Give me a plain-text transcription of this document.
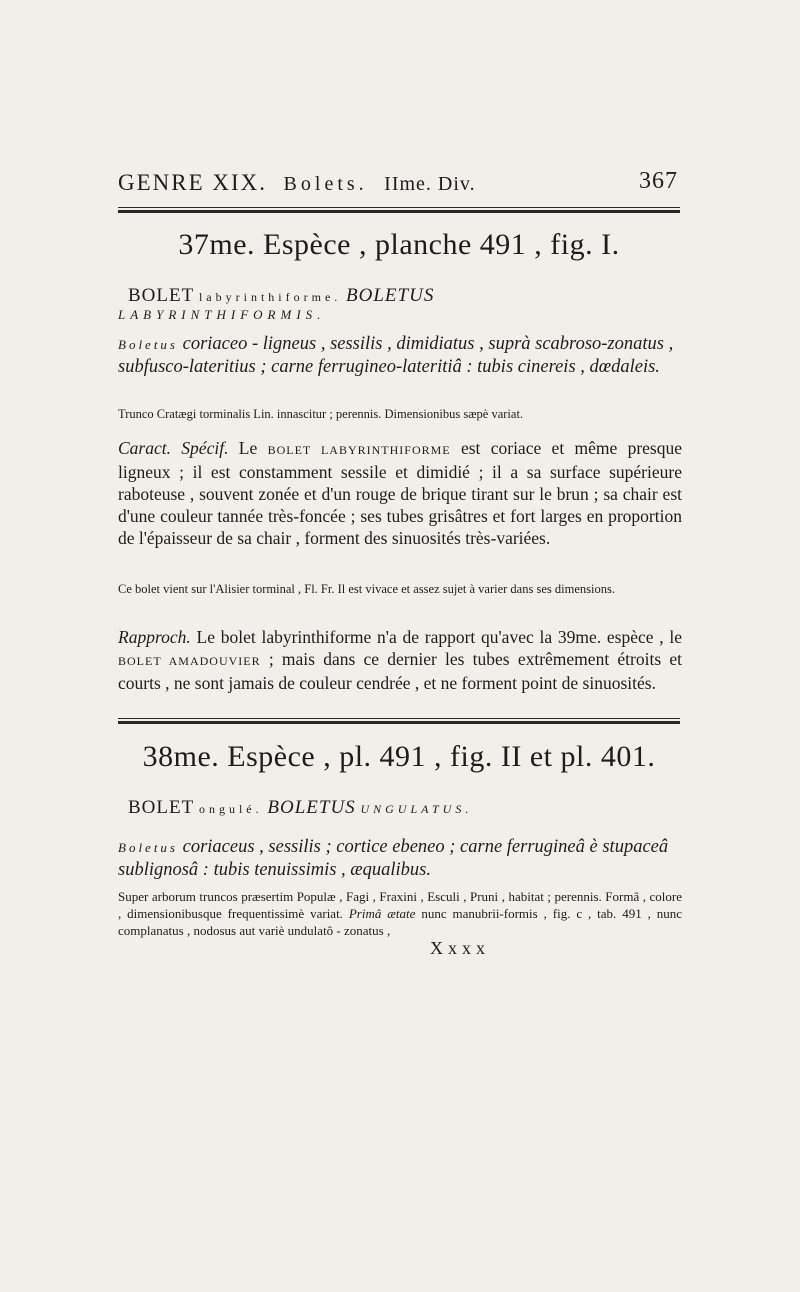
GENRE XIX. Bolets. IIme. Div.	367
37me. Espèce , planche 491 , fig. I.
BOLET labyrinthiforme. BOLETUS
LABYRINTHIFORMIS.
Boletus coriaceo - ligneus , sessilis , dimidiatus , suprà scabroso-zonatus , subfusco-lateritius ; carne ferrugineo-lateritiâ : tubis cinereis , dœdaleis.
Trunco Cratægi torminalis Lin. innascitur ; perennis. Dimensionibus sæpè variat.
Caract. Spécif. Le BOLET LABYRINTHIFORME est coriace et même presque ligneux ; il est constamment sessile et dimidié ; il a sa surface supérieure raboteuse , souvent zonée et d'un rouge de brique tirant sur le brun ; sa chair est d'une couleur tannée très-foncée ; ses tubes grisâtres et fort larges en proportion de l'épaisseur de sa chair , forment des sinuosités très-variées.
Ce bolet vient sur l'Alisier torminal , Fl. Fr. Il est vivace et assez sujet à varier dans ses dimensions.
Rapproch. Le bolet labyrinthiforme n'a de rapport qu'avec la 39me. espèce , le BOLET AMADOUVIER ; mais dans ce dernier les tubes extrêmement étroits et courts , ne sont jamais de couleur cendrée , et ne forment point de sinuosités.
38me. Espèce , pl. 491 , fig. II et pl. 401.
BOLET ongulé. BOLETUS UNGULATUS.
Boletus coriaceus , sessilis ; cortice ebeneo ; carne ferrugineâ è stupaceâ sublignosâ : tubis tenuissimis , æqualibus.
Super arborum truncos præsertim Populæ , Fagi , Fraxini , Esculi , Pruni , habitat ; perennis. Formâ , colore , dimensionibusque frequentissimè variat. Primâ ætate nunc manubrii-formis , fig. c , tab. 491 , nunc complanatus , nodosus aut variè undulatô - zonatus ,
Xxxx
